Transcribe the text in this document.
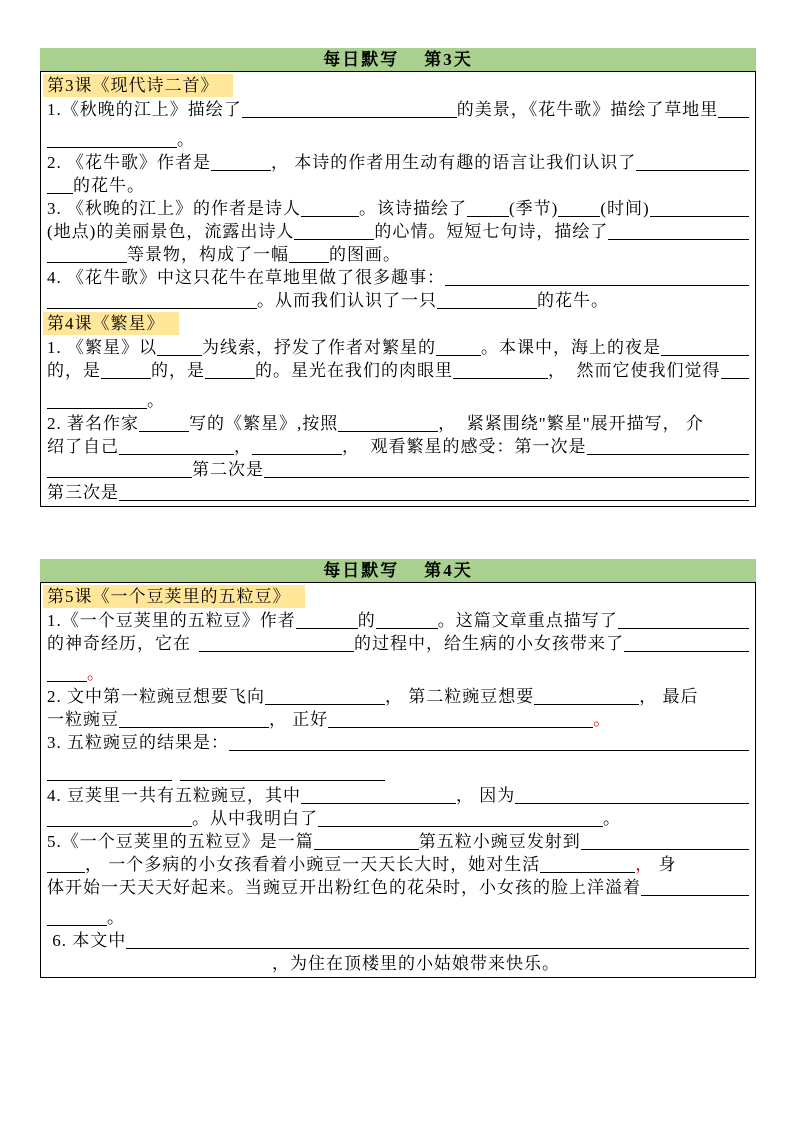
每日默写    第3天
第3课《现代诗二首》
1.《秋晚的江上》描绘了	的美景，《花牛歌》描绘了草地里
。
2. 《花牛歌》作者是	， 本诗的作者用生动有趣的语言让我们认识了
的花牛。
3. 《秋晚的江上》的作者是诗人	。该诗描绘了 (季节) (时间)
(地点)的美丽景色，流露出诗人	的心情。短短七句诗，描绘了
等景物，构成了一幅 的图画。
4. 《花牛歌》中这只花牛在草地里做了很多趣事：
。从而我们认识了一只	的花牛。
第4课《繁星》
1. 《繁星》以	为线索，抒发了作者对繁星的	。本课中，海上的夜是
的，是	的，是	的。星光在我们的肉眼里	，  然而它使我们觉得
。
2. 著名作家	写的《繁星》,按照	，  紧紧围绕"繁星"展开描写， 介
绍了自己	，	，  观看繁星的感受：第一次是
第二次是
第三次是
每日默写    第4天
第5课《一个豆荚里的五粒豆》
1.《一个豆荚里的五粒豆》作者	的	。这篇文章重点描写了
的神奇经历，它在	的过程中，给生病的小女孩带来了
。
2. 文中第一粒豌豆想要飞向	， 第二粒豌豆想要	， 最后
一粒豌豆	， 正好	。
3. 五粒豌豆的结果是：
4. 豆荚里一共有五粒豌豆，其中	， 因为
。从中我明白了	。
5.《一个豆荚里的五粒豆》是一篇	第五粒小豌豆发射到
， 一个多病的小女孩看着小豌豆一天天长大时，她对生活	， 身
体开始一天天天好起来。当豌豆开出粉红色的花朵时，小女孩的脸上洋溢着
。
6. 本文中
，为住在顶楼里的小姑娘带来快乐。
